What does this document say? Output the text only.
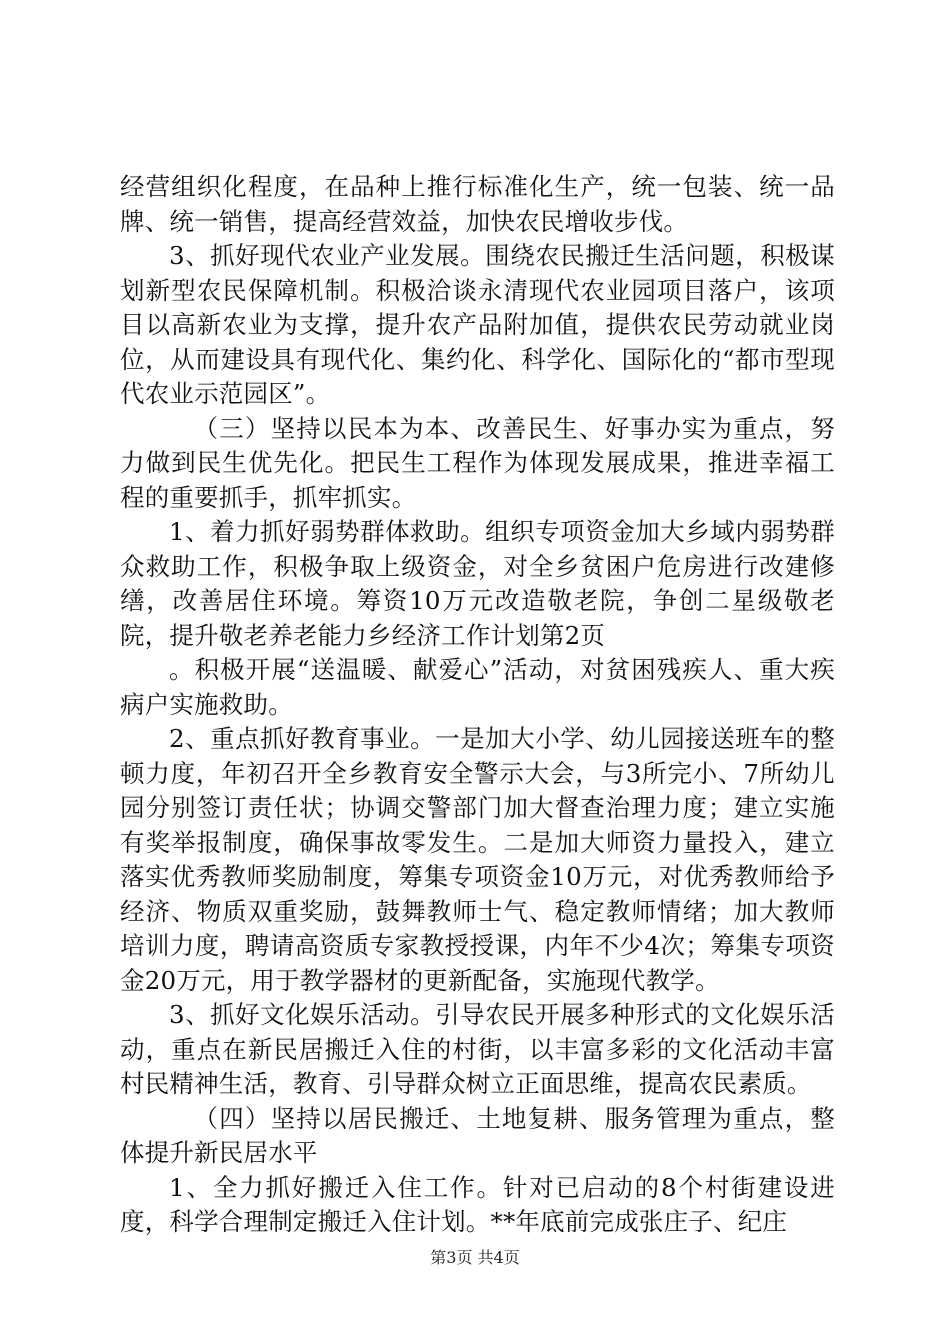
经营组织化程度，在品种上推行标准化生产，统一包装、统一品牌、统一销售，提高经营效益，加快农民增收步伐。

3、抓好现代农业产业发展。围绕农民搬迁生活问题，积极谋划新型农民保障机制。积极洽谈永清现代农业园项目落户，该项目以高新农业为支撑，提升农产品附加值，提供农民劳动就业岗位，从而建设具有现代化、集约化、科学化、国际化的“都市型现代农业示范园区”。

（三）坚持以民本为本、改善民生、好事办实为重点，努力做到民生优先化。把民生工程作为体现发展成果，推进幸福工程的重要抓手，抓牢抓实。

1、着力抓好弱势群体救助。组织专项资金加大乡域内弱势群众救助工作，积极争取上级资金，对全乡贫困户危房进行改建修缮，改善居住环境。筹资10万元改造敬老院，争创二星级敬老院，提升敬老养老能力乡经济工作计划第2页

。积极开展“送温暖、献爱心”活动，对贫困残疾人、重大疾病户实施救助。

2、重点抓好教育事业。一是加大小学、幼儿园接送班车的整顿力度，年初召开全乡教育安全警示大会，与3所完小、7所幼儿园分别签订责任状；协调交警部门加大督查治理力度；建立实施有奖举报制度，确保事故零发生。二是加大师资力量投入，建立落实优秀教师奖励制度，筹集专项资金10万元，对优秀教师给予经济、物质双重奖励，鼓舞教师士气、稳定教师情绪；加大教师培训力度，聘请高资质专家教授授课，内年不少4次；筹集专项资金20万元，用于教学器材的更新配备，实施现代教学。

3、抓好文化娱乐活动。引导农民开展多种形式的文化娱乐活动，重点在新民居搬迁入住的村街，以丰富多彩的文化活动丰富村民精神生活，教育、引导群众树立正面思维，提高农民素质。

（四）坚持以居民搬迁、土地复耕、服务管理为重点，整体提升新民居水平

1、全力抓好搬迁入住工作。针对已启动的8个村街建设进度，科学合理制定搬迁入住计划。**年底前完成张庄子、纪庄

第3页 共4页
